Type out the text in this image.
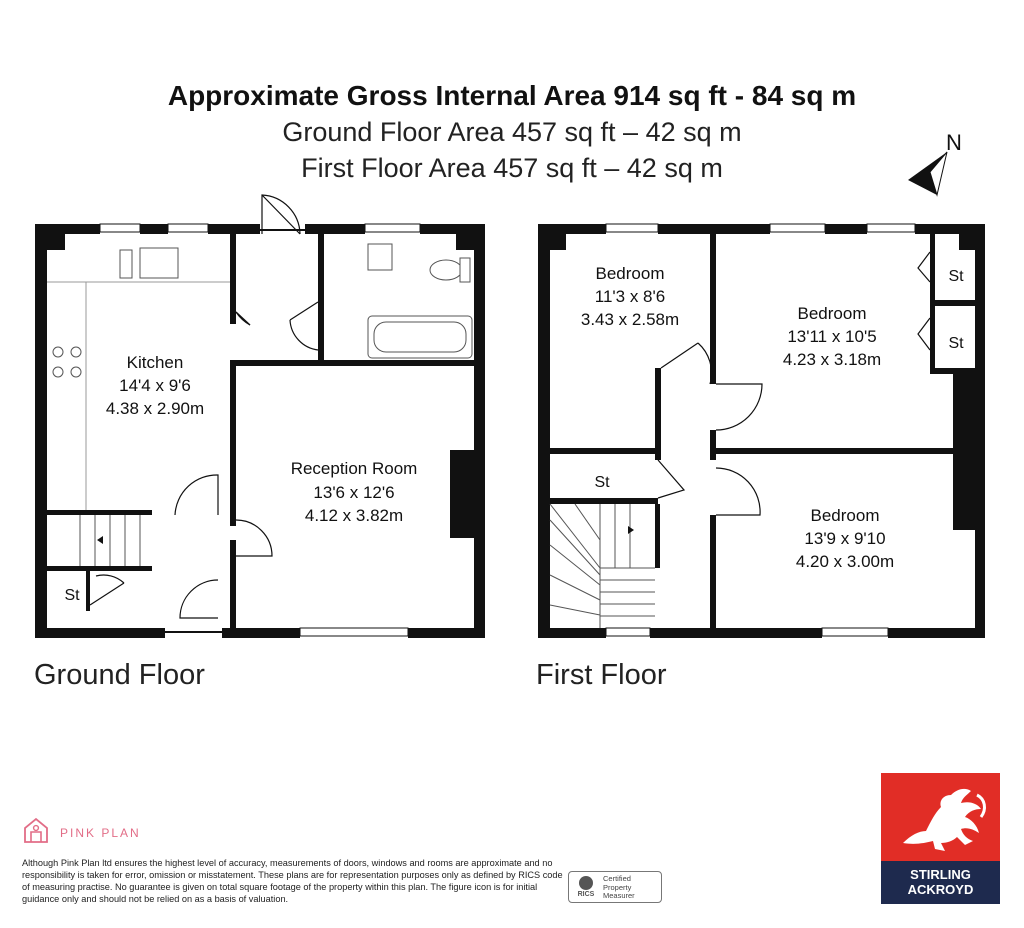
Approximate Gross Internal Area 914 sq ft - 84 sq m
Ground Floor Area 457 sq ft – 42 sq m
First Floor Area 457 sq ft – 42 sq m
N
Kitchen
14'4 x 9'6
4.38 x 2.90m
Reception Room
13'6 x 12'6
4.12 x 3.82m
St
Bedroom
11'3 x 8'6
3.43 x 2.58m	Bedroom
13'11 x 10'5
4.23 x 3.18m
Bedroom
13'9 x 9'10
4.20 x 3.00m
St
St
St
Ground Floor	First Floor
PINK PLAN
Although Pink Plan ltd ensures the highest level of accuracy, measurements of doors, windows and rooms are approximate and no responsibility is taken for error, omission or misstatement. These plans are for representation purposes only as defined by RICS code of measuring practise. No guarantee is given on total square footage of the property within this plan. The figure icon is for initial guidance only and should not be relied on as a basis of valuation.	RICS
Certified Property Measurer
STIRLING
ACKROYD
